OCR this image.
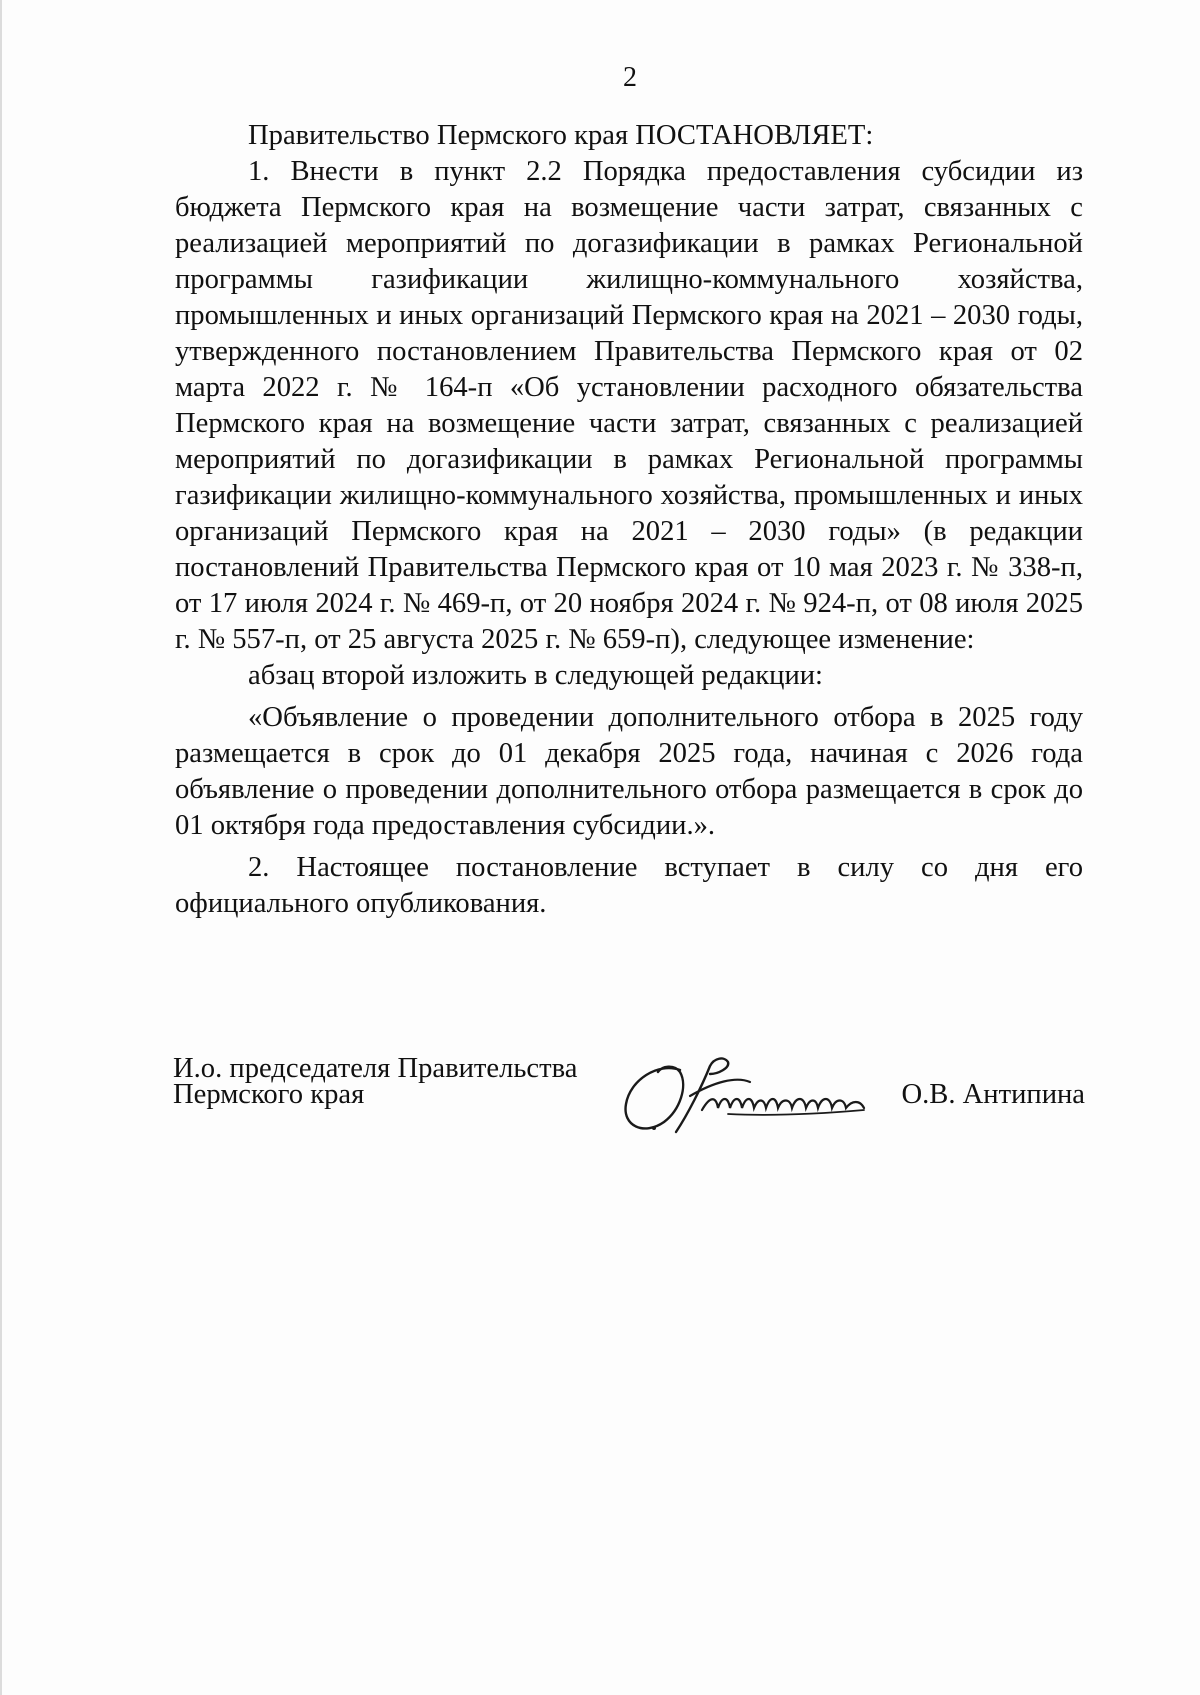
2

Правительство Пермского края ПОСТАНОВЛЯЕТ:

1. Внести в пункт 2.2 Порядка предоставления субсидии из бюджета Пермского края на возмещение части затрат, связанных с реализацией мероприятий по догазификации в рамках Региональной программы газификации жилищно-коммунального хозяйства, промышленных и иных организаций Пермского края на 2021 – 2030 годы, утвержденного постановлением Правительства Пермского края от 02 марта 2022 г. № 164-п «Об установлении расходного обязательства Пермского края на возмещение части затрат, связанных с реализацией мероприятий по догазификации в рамках Региональной программы газификации жилищно-коммунального хозяйства, промышленных и иных организаций Пермского края на 2021 – 2030 годы» (в редакции постановлений Правительства Пермского края от 10 мая 2023 г. № 338-п, от 17 июля 2024 г. № 469-п, от 20 ноября 2024 г. № 924-п, от 08 июля 2025 г. № 557-п, от 25 августа 2025 г. № 659-п), следующее изменение:

абзац второй изложить в следующей редакции:

«Объявление о проведении дополнительного отбора в 2025 году размещается в срок до 01 декабря 2025 года, начиная с 2026 года объявление о проведении дополнительного отбора размещается в срок до 01 октября года предоставления субсидии.».

2. Настоящее постановление вступает в силу со дня его официального опубликования.

И.о. председателя Правительства
Пермского края	О.В. Антипина
